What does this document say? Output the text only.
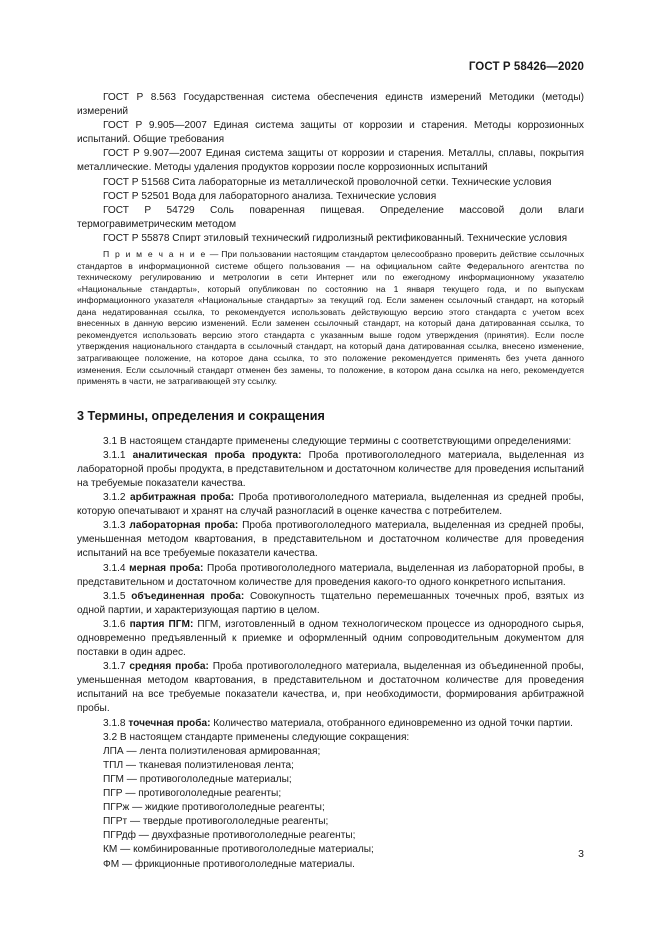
ГОСТ Р 58426—2020

ГОСТ Р 8.563 Государственная система обеспечения единств измерений Методики (методы) измерений

ГОСТ Р 9.905—2007 Единая система защиты от коррозии и старения. Методы коррозионных испытаний. Общие требования

ГОСТ Р 9.907—2007 Единая система защиты от коррозии и старения. Металлы, сплавы, покрытия металлические. Методы удаления продуктов коррозии после коррозионных испытаний

ГОСТ Р 51568 Сита лабораторные из металлической проволочной сетки. Технические условия

ГОСТ Р 52501 Вода для лабораторного анализа. Технические условия

ГОСТ Р 54729 Соль поваренная пищевая. Определение массовой доли влаги термогравиметрическим методом

ГОСТ Р 55878 Спирт этиловый технический гидролизный ректификованный. Технические условия

П р и м е ч а н и е — При пользовании настоящим стандартом целесообразно проверить действие ссылочных стандартов в информационной системе общего пользования — на официальном сайте Федерального агентства по техническому регулированию и метрологии в сети Интернет или по ежегодному информационному указателю «Национальные стандарты», который опубликован по состоянию на 1 января текущего года, и по выпускам информационного указателя «Национальные стандарты» за текущий год. Если заменен ссылочный стандарт, на который дана недатированная ссылка, то рекомендуется использовать действующую версию этого стандарта с учетом всех внесенных в данную версию изменений. Если заменен ссылочный стандарт, на который дана датированная ссылка, то рекомендуется использовать версию этого стандарта с указанным выше годом утверждения (принятия). Если после утверждения национального стандарта в ссылочный стандарт, на который дана датированная ссылка, внесено изменение, затрагивающее положение, на которое дана ссылка, то это положение рекомендуется применять без учета данного изменения. Если ссылочный стандарт отменен без замены, то положение, в котором дана ссылка на него, рекомендуется применять в части, не затрагивающей эту ссылку.

3 Термины, определения и сокращения

3.1 В настоящем стандарте применены следующие термины с соответствующими определениями:

3.1.1 аналитическая проба продукта: Проба противогололедного материала, выделенная из лабораторной пробы продукта, в представительном и достаточном количестве для проведения испытаний на требуемые показатели качества.

3.1.2 арбитражная проба: Проба противогололедного материала, выделенная из средней пробы, которую опечатывают и хранят на случай разногласий в оценке качества с потребителем.

3.1.3 лабораторная проба: Проба противогололедного материала, выделенная из средней пробы, уменьшенная методом квартования, в представительном и достаточном количестве для проведения испытаний на все требуемые показатели качества.

3.1.4 мерная проба: Проба противогололедного материала, выделенная из лабораторной пробы, в представительном и достаточном количестве для проведения какого-то одного конкретного испытания.

3.1.5 объединенная проба: Совокупность тщательно перемешанных точечных проб, взятых из одной партии, и характеризующая партию в целом.

3.1.6 партия ПГМ: ПГМ, изготовленный в одном технологическом процессе из однородного сырья, одновременно предъявленный к приемке и оформленный одним сопроводительным документом для поставки в один адрес.

3.1.7 средняя проба: Проба противогололедного материала, выделенная из объединенной пробы, уменьшенная методом квартования, в представительном и достаточном количестве для проведения испытаний на все требуемые показатели качества, и, при необходимости, формирования арбитражной пробы.

3.1.8 точечная проба: Количество материала, отобранного единовременно из одной точки партии.

3.2 В настоящем стандарте применены следующие сокращения:

ЛПА — лента полиэтиленовая армированная;

ТПЛ — тканевая полиэтиленовая лента;

ПГМ — противогололедные материалы;

ПГР — противогололедные реагенты;

ПГРж — жидкие противогололедные реагенты;

ПГРт — твердые противогололедные реагенты;

ПГРдф — двухфазные противогололедные реагенты;

КМ — комбинированные противогололедные материалы;

ФМ — фрикционные противогололедные материалы.

3
